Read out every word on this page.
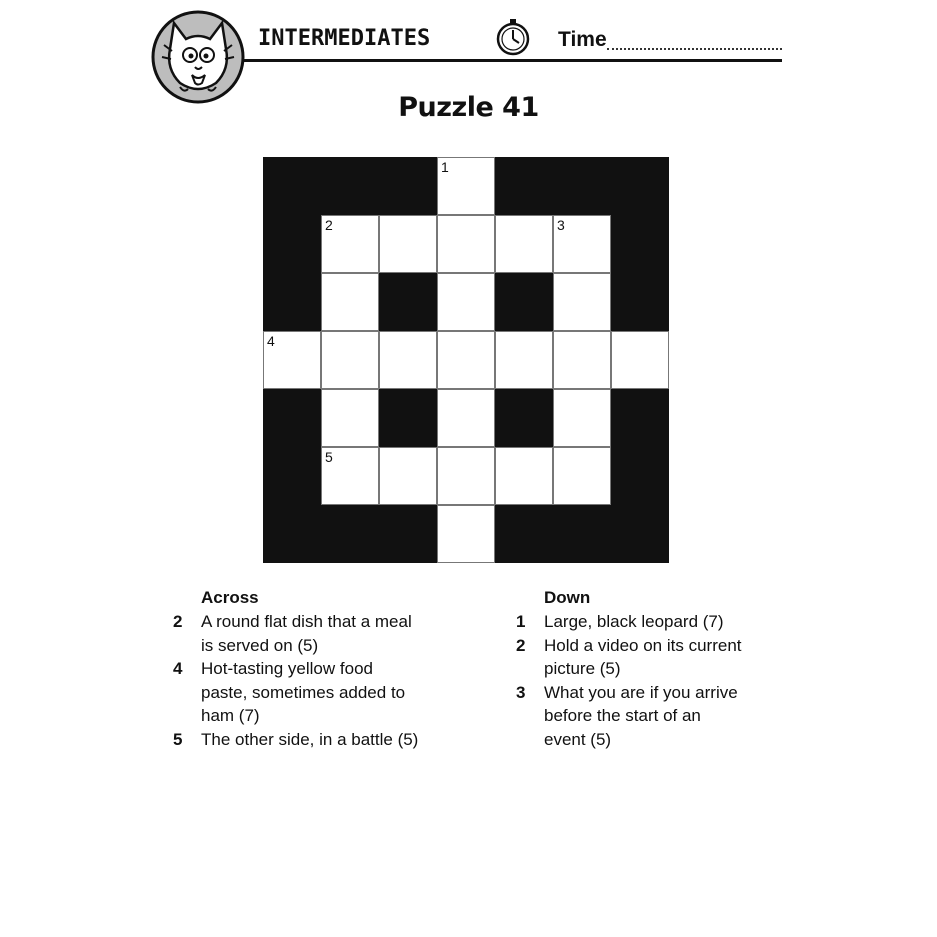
INTERMEDIATES	Time
Puzzle 41
1
2	3
4
5
Across
2	A round flat dish that a meal
is served on (5)
4	Hot-tasting yellow food
paste, sometimes added to
ham (7)
5	The other side, in a battle (5)
Down
1	Large, black leopard (7)
2	Hold a video on its current
picture (5)
3	What you are if you arrive
before the start of an
event (5)
